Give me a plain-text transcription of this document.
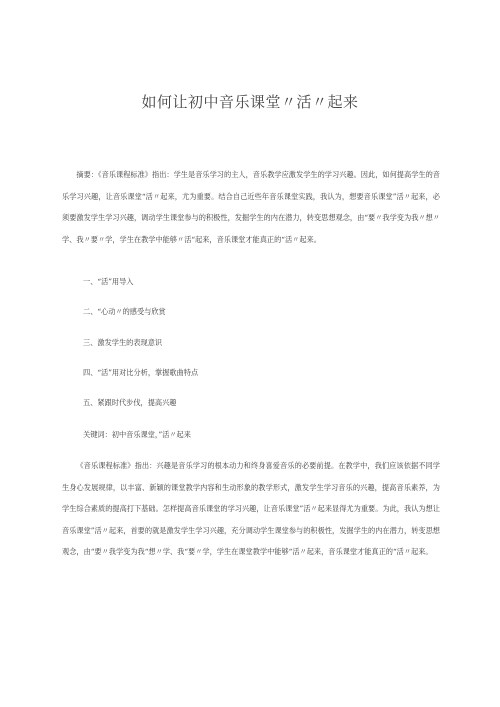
如何让初中音乐课堂〃活〃起来

摘要：《音乐课程标准》指出：学生是音乐学习的主人，音乐教学应激发学生的学习兴趣。因此，如何提高学生的音乐学习兴趣，让音乐课堂“活〃起来，尤为重要。结合自己近些年音乐课堂实践，我认为，想要音乐课堂”活〃起来，必须要激发学生学习兴趣，调动学生课堂参与的积极性，发掘学生的内在潜力，转变思想观念，由“要〃我学变为我〃想〃学、我〃要〃学，学生在教学中能够〃活“起来，音乐课堂才能真正的“活〃起来。

一、“活”用导入
二、“心动〃的感受与欣赏
三、激发学生的表现意识
四、“活”用对比分析，掌握歌曲特点
关键词：初中音乐课堂，”活〃起来

《音乐课程标准》指出：兴趣是音乐学习的根本动力和终身喜爱音乐的必要前提。在教学中，我们应该依据不同学生身心发展规律，以丰富、新颖的课堂教学内容和生动形象的教学形式，激发学生学习音乐的兴趣，提高音乐素养，为学生综合素质的提高打下基础。怎样提高音乐课堂的学习兴趣，让音乐课堂”活〃起来显得尤为重要。为此，我认为想让音乐课堂”活〃起来，首要的就是激发学生学习兴趣，充分调动学生课堂参与的积极性，发掘学生的内在潜力，转变思想观念，由“要〃我学变为我“想〃学、我“要〃学，学生在课堂教学中能够“活〃起来，音乐课堂才能真正的“活〃起来。

五、紧跟时代步伐，提高兴趣
